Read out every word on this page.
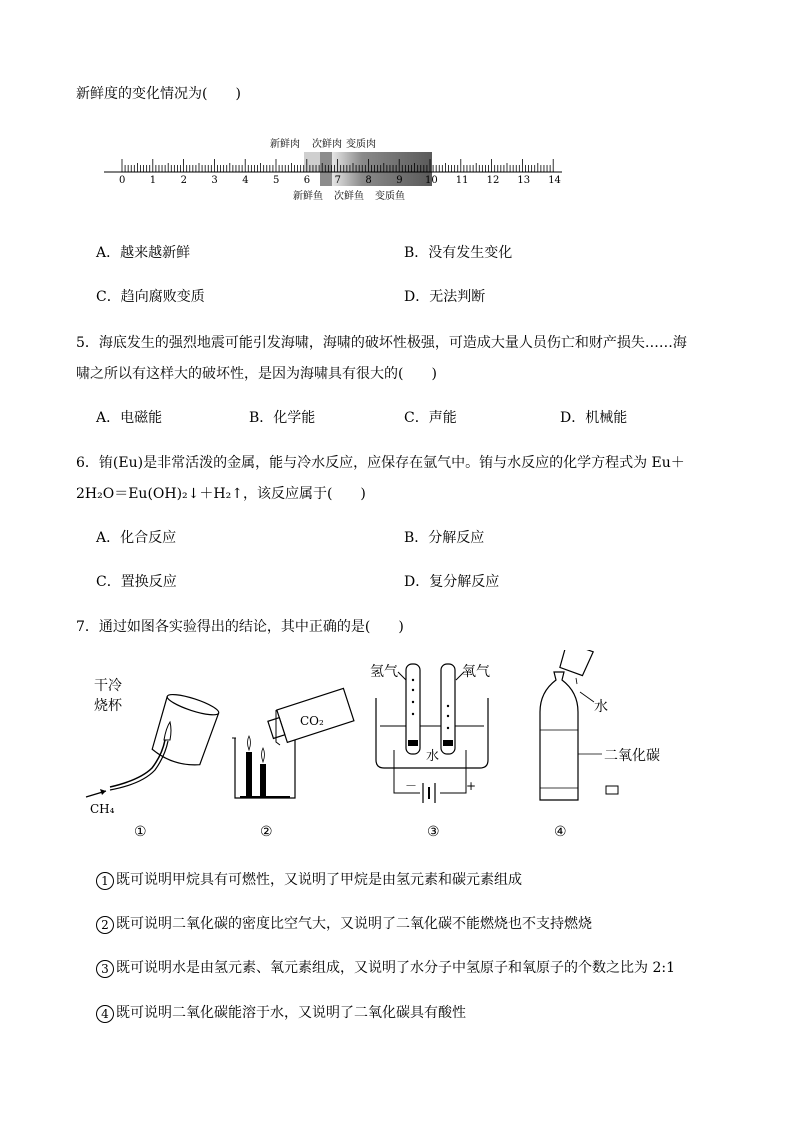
新鲜度的变化情况为(　　)
0 1 2 3 4 5 6 7 8 9 10 11 12 13 14
新鲜肉 次鲜肉 变质肉
新鲜鱼 次鲜鱼 变质鱼
A．越来越新鲜	B．没有发生变化
C．趋向腐败变质	D．无法判断
5．海底发生的强烈地震可能引发海啸，海啸的破坏性极强，可造成大量人员伤亡和财产损失……海
啸之所以有这样大的破坏性，是因为海啸具有很大的(　　)
A．电磁能	B．化学能	C．声能	D．机械能
6．铕(Eu)是非常活泼的金属，能与冷水反应，应保存在氩气中。铕与水反应的化学方程式为 Eu＋
2H₂O＝Eu(OH)₂↓＋H₂↑，该反应属于(　　)
A．化合反应	B．分解反应
C．置换反应	D．复分解反应
7．通过如图各实验得出的结论，其中正确的是(　　)
干冷
烧杯
CH₄
CO₂
氢气	氧气
水
－	+
水
二氧化碳
①	②	③	④
1 既可说明甲烷具有可燃性，又说明了甲烷是由氢元素和碳元素组成
2 既可说明二氧化碳的密度比空气大，又说明了二氧化碳不能燃烧也不支持燃烧
3 既可说明水是由氢元素、氧元素组成，又说明了水分子中氢原子和氧原子的个数之比为 2:1
4 既可说明二氧化碳能溶于水，又说明了二氧化碳具有酸性
